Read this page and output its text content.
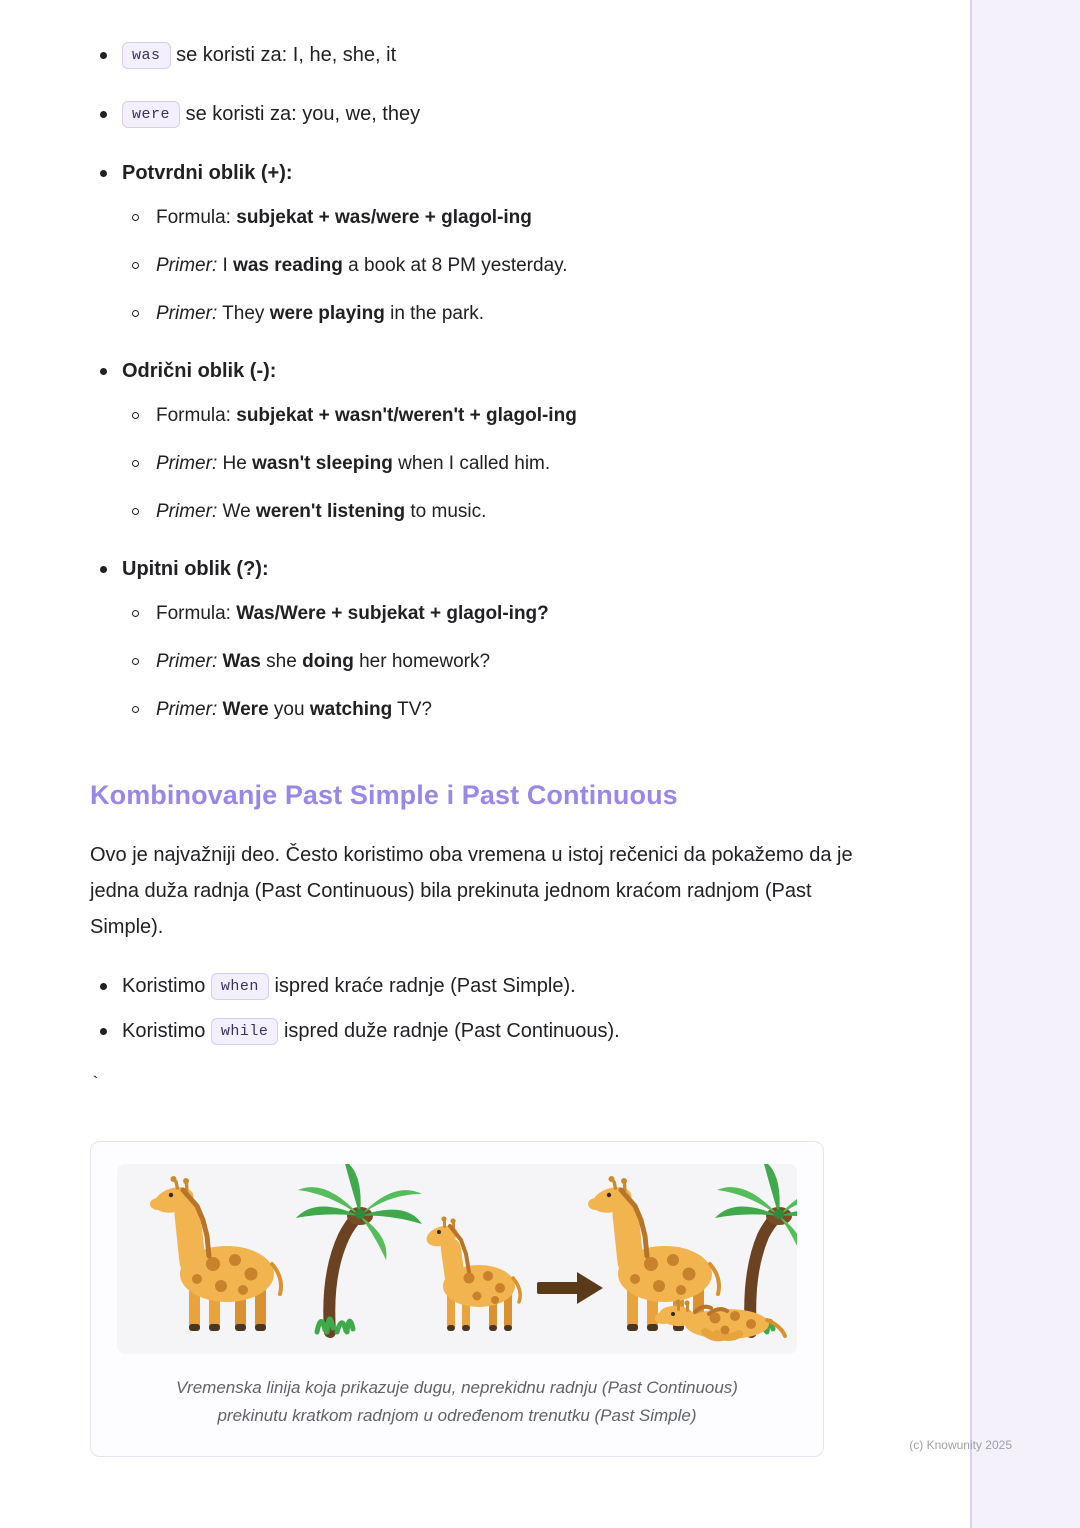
was se koristi za: I, he, she, it
were se koristi za: you, we, they
Potvrdni oblik (+):
Formula: subjekat + was/were + glagol-ing
Primer: I was reading a book at 8 PM yesterday.
Primer: They were playing in the park.
Odrični oblik (-):
Formula: subjekat + wasn't/weren't + glagol-ing
Primer: He wasn't sleeping when I called him.
Primer: We weren't listening to music.
Upitni oblik (?):
Formula: Was/Were + subjekat + glagol-ing?
Primer: Was she doing her homework?
Primer: Were you watching TV?
Kombinovanje Past Simple i Past Continuous

Ovo je najvažniji deo. Često koristimo oba vremena u istoj rečenici da pokažemo da je jedna duža radnja (Past Continuous) bila prekinuta jednom kraćom radnjom (Past Simple).

Koristimo when ispred kraće radnje (Past Simple).
Koristimo while ispred duže radnje (Past Continuous).
`
Vremenska linija koja prikazuje dugu, neprekidnu radnju (Past Continuous)
prekinutu kratkom radnjom u određenom trenutku (Past Simple)
(c) Knowunity 2025
